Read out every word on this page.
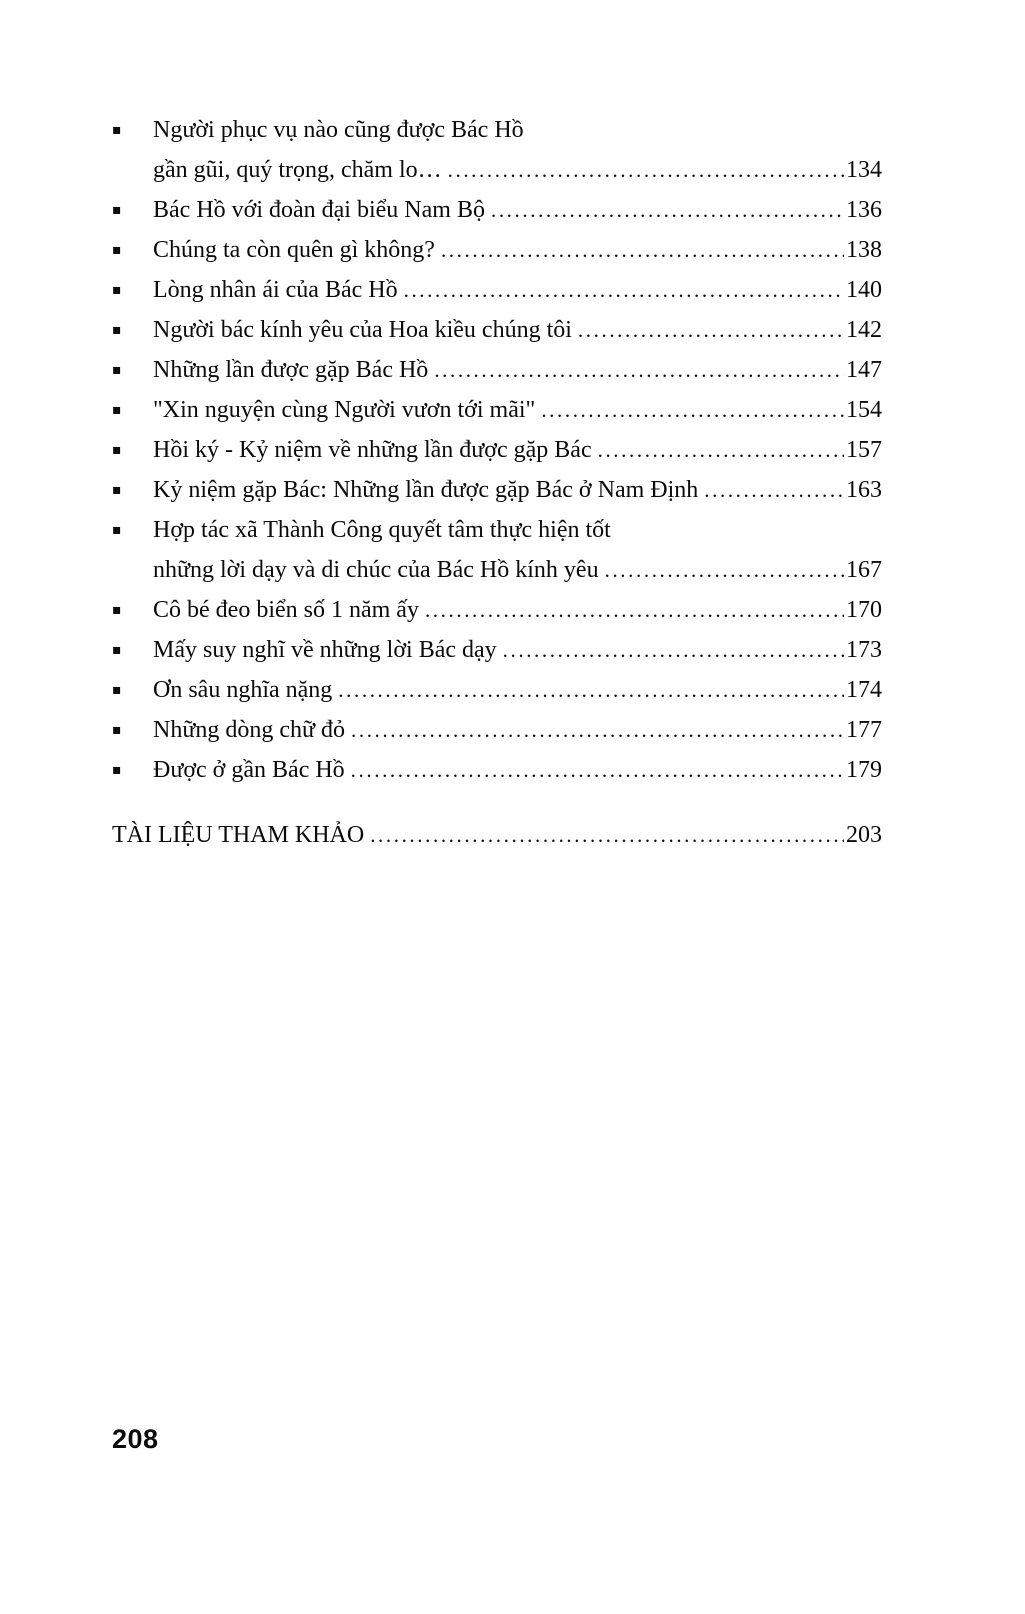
▪	Người phục vụ nào cũng được Bác Hồ
gần gũi, quý trọng, chăm lo… .....	134
▪	Bác Hồ với đoàn đại biểu Nam Bộ .....	136
▪	Chúng ta còn quên gì không? .....	138
▪	Lòng nhân ái của Bác Hồ .....	140
▪	Người bác kính yêu của Hoa kiều chúng tôi .....	142
▪	Những lần được gặp Bác Hồ .....	147
▪	"Xin nguyện cùng Người vươn tới mãi" .....	154
▪	Hồi ký - Kỷ niệm về những lần được gặp Bác .....	157
▪	Kỷ niệm gặp Bác: Những lần được gặp Bác ở Nam Định .....	163
▪	Hợp tác xã Thành Công quyết tâm thực hiện tốt
những lời dạy và di chúc của Bác Hồ kính yêu .....	167
▪	Cô bé đeo biển số 1 năm ấy .....	170
▪	Mấy suy nghĩ về những lời Bác dạy .....	173
▪	Ơn sâu nghĩa nặng .....	174
▪	Những dòng chữ đỏ .....	177
▪	Được ở gần Bác Hồ .....	179
TÀI LIỆU THAM KHẢO .....	203
208
